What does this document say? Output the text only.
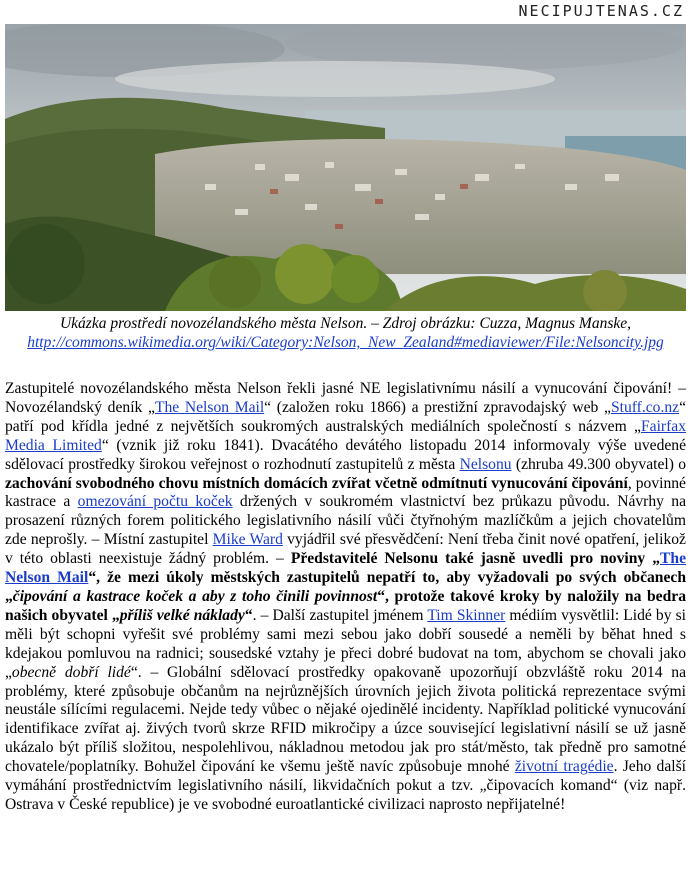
NECIPUJTENAS.CZ
Ukázka prostředí novozélandského města Nelson. – Zdroj obrázku: Cuzza, Magnus Manske, http://commons.wikimedia.org/wiki/Category:Nelson,_New_Zealand#mediaviewer/File:Nelsoncity.jpg

Zastupitelé novozélandského města Nelson řekli jasné NE legislativnímu násilí a vynucování čipování! – Novozélandský deník „The Nelson Mail“ (založen roku 1866) a prestižní zpravodajský web „Stuff.co.nz“ patří pod křídla jedné z největších soukromých australských mediálních společností s názvem „Fairfax Media Limited“ (vznik již roku 1841). Dvacátého devátého listopadu 2014 informovaly výše uvedené sdělovací prostředky širokou veřejnost o rozhodnutí zastupitelů z města Nelsonu (zhruba 49.300 obyvatel) o zachování svobodného chovu místních domácích zvířat včetně odmítnutí vynucování čipování, povinné kastrace a omezování počtu koček držených v soukromém vlastnictví bez průkazu původu. Návrhy na prosazení různých forem politického legislativního násilí vůči čtyřnohým mazlíčkům a jejich chovatelům zde neprošly. – Místní zastupitel Mike Ward vyjádřil své přesvědčení: Není třeba činit nové opatření, jelikož v této oblasti neexistuje žádný problém. – Představitelé Nelsonu také jasně uvedli pro noviny „The Nelson Mail“, že mezi úkoly městských zastupitelů nepatří to, aby vyžadovali po svých občanech „čipování a kastrace koček a aby z toho činili povinnost“, protože takové kroky by naložily na bedra našich obyvatel „příliš velké náklady“. – Další zastupitel jménem Tim Skinner médiím vysvětlil: Lidé by si měli být schopni vyřešit své problémy sami mezi sebou jako dobří sousedé a neměli by běhat hned s kdejakou pomluvou na radnici; sousedské vztahy je přeci dobré budovat na tom, abychom se chovali jako „obecně dobří lidé“. – Globální sdělovací prostředky opakovaně upozorňují obzvláště roku 2014 na problémy, které způsobuje občanům na nejrůznějších úrovních jejich života politická reprezentace svými neustále sílícími regulacemi. Nejde tedy vůbec o nějaké ojedinělé incidenty. Například politické vynucování identifikace zvířat aj. živých tvorů skrze RFID mikročipy a úzce související legislativní násilí se už jasně ukázalo být příliš složitou, nespolehlivou, nákladnou metodou jak pro stát/město, tak předně pro samotné chovatele/poplatníky. Bohužel čipování ke všemu ještě navíc způsobuje mnohé životní tragédie. Jeho další vymáhání prostřednictvím legislativního násilí, likvidačních pokut a tzv. „čipovacích komand“ (viz např. Ostrava v České republice) je ve svobodné euroatlantické civilizaci naprosto nepřijatelné!
